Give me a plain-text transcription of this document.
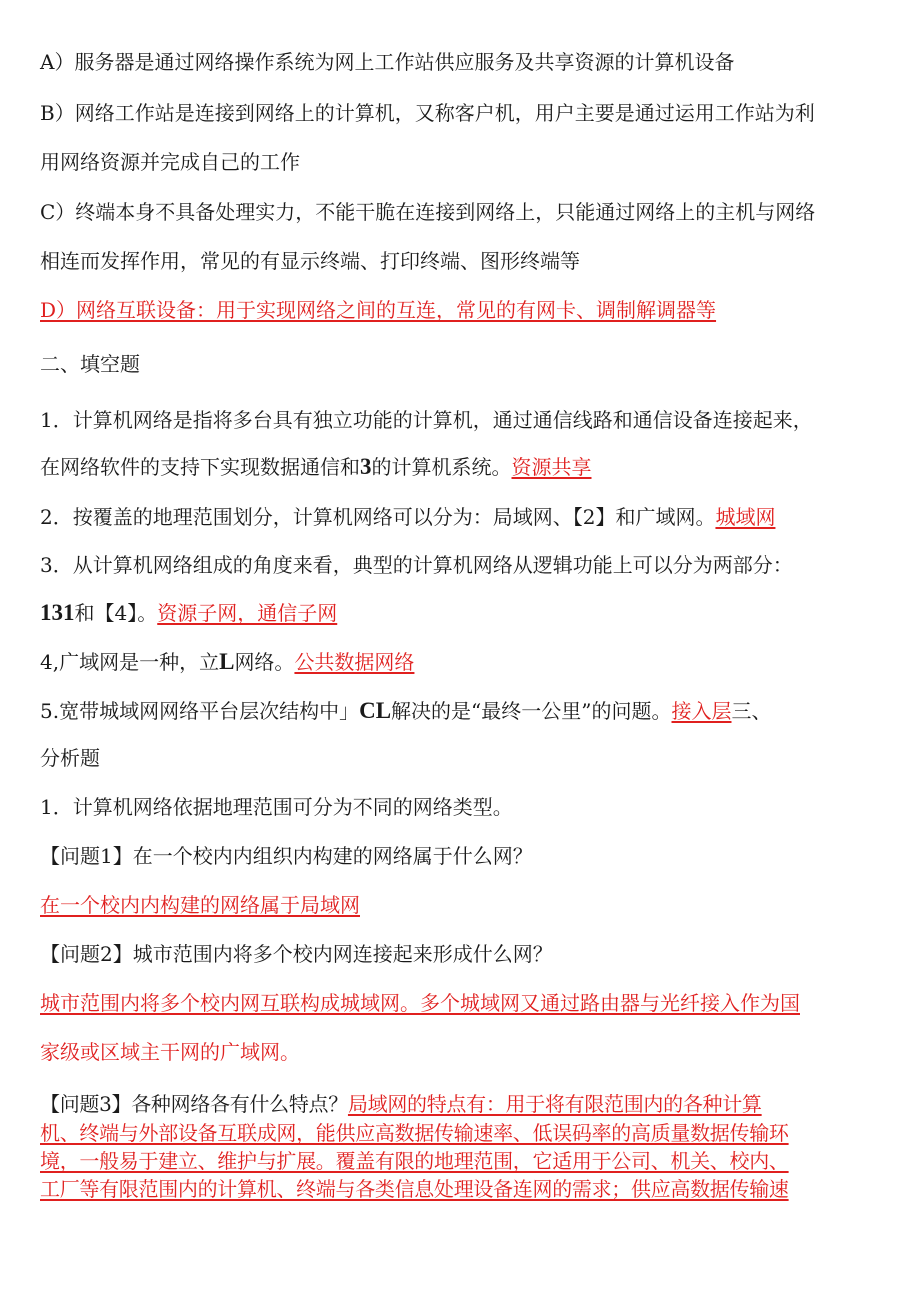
A）服务器是通过网络操作系统为网上工作站供应服务及共享资源的计算机设备
B）网络工作站是连接到网络上的计算机，又称客户机，用户主要是通过运用工作站为利
用网络资源并完成自己的工作
C）终端本身不具备处理实力，不能干脆在连接到网络上，只能通过网络上的主机与网络
相连而发挥作用，常见的有显示终端、打印终端、图形终端等
D）网络互联设备：用于实现网络之间的互连，常见的有网卡、调制解调器等
二、填空题
1．计算机网络是指将多台具有独立功能的计算机，通过通信线路和通信设备连接起来，
在网络软件的支持下实现数据通信和3的计算机系统。资源共享
2．按覆盖的地理范围划分，计算机网络可以分为：局域网、【2】和广域网。城域网
3．从计算机网络组成的角度来看，典型的计算机网络从逻辑功能上可以分为两部分：
131和【4】。资源子网，通信子网
4,广域网是一种，立L网络。公共数据网络
5.宽带城域网网络平台层次结构中」CL解决的是“最终一公里”的问题。接入层三、
分析题
1．计算机网络依据地理范围可分为不同的网络类型。
【问题1】在一个校内内组织内构建的网络属于什么网？
在一个校内内构建的网络属于局域网
【问题2】城市范围内将多个校内网连接起来形成什么网？
城市范围内将多个校内网互联构成城域网。多个城域网又通过路由器与光纤接入作为国
家级或区域主干网的广域网。
【问题3】各种网络各有什么特点？局域网的特点有：用于将有限范围内的各种计算
机、终端与外部设备互联成网，能供应高数据传输速率、低误码率的高质量数据传输环
境，一般易于建立、维护与扩展。覆盖有限的地理范围，它适用于公司、机关、校内、
工厂等有限范围内的计算机、终端与各类信息处理设备连网的需求；供应高数据传输速
